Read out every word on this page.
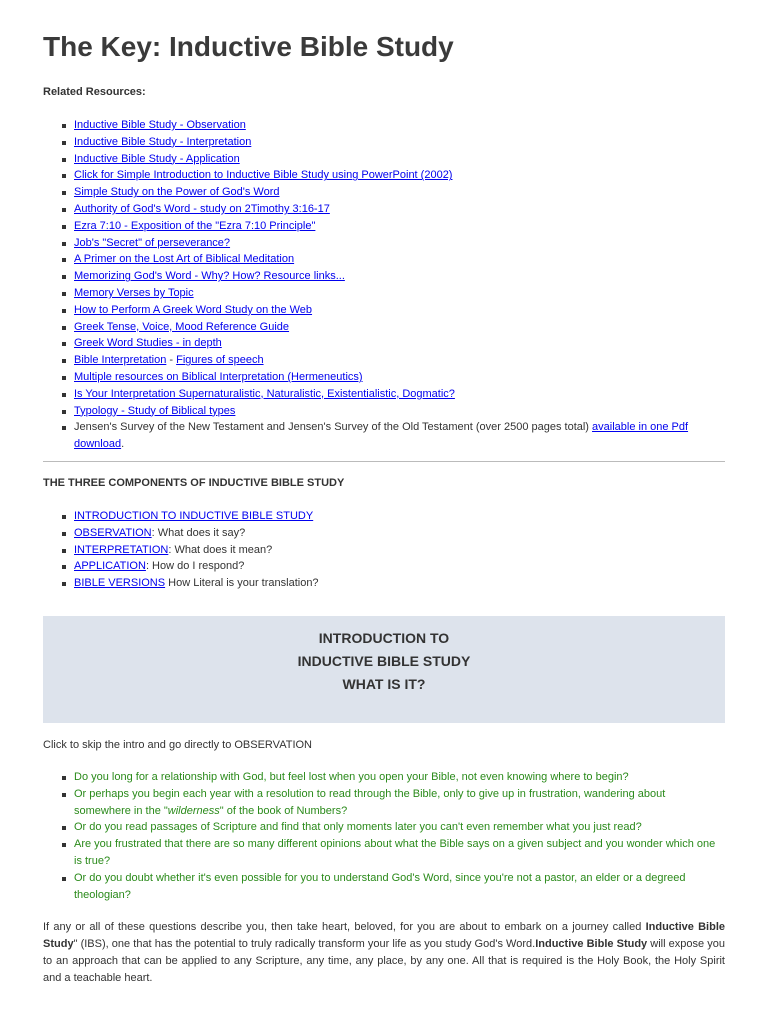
The Key: Inductive Bible Study

Related Resources:

Inductive Bible Study - Observation
Inductive Bible Study - Interpretation
Inductive Bible Study - Application
Click for Simple Introduction to Inductive Bible Study using PowerPoint (2002)
Simple Study on the Power of God's Word
Authority of God's Word - study on 2Timothy 3:16-17
Ezra 7:10 - Exposition of the "Ezra 7:10 Principle"
Job's "Secret" of perseverance?
A Primer on the Lost Art of Biblical Meditation
Memorizing God's Word - Why? How? Resource links...
Memory Verses by Topic
How to Perform A Greek Word Study on the Web
Greek Tense, Voice, Mood Reference Guide
Greek Word Studies - in depth
Bible Interpretation - Figures of speech
Multiple resources on Biblical Interpretation (Hermeneutics)
Is Your Interpretation Supernaturalistic, Naturalistic, Existentialistic, Dogmatic?
Typology - Study of Biblical types
Jensen's Survey of the New Testament and Jensen's Survey of the Old Testament (over 2500 pages total) available in one Pdf download.

THE THREE COMPONENTS OF INDUCTIVE BIBLE STUDY

INTRODUCTION TO INDUCTIVE BIBLE STUDY
OBSERVATION: What does it say?
INTERPRETATION: What does it mean?
APPLICATION: How do I respond?
BIBLE VERSIONS How Literal is your translation?
INTRODUCTION TO
INDUCTIVE BIBLE STUDY
WHAT IS IT?

Click to skip the intro and go directly to OBSERVATION

Do you long for a relationship with God, but feel lost when you open your Bible, not even knowing where to begin?
Or perhaps you begin each year with a resolution to read through the Bible, only to give up in frustration, wandering about somewhere in the "wilderness" of the book of Numbers?
Or do you read passages of Scripture and find that only moments later you can't even remember what you just read?
Are you frustrated that there are so many different opinions about what the Bible says on a given subject and you wonder which one is true?
Or do you doubt whether it's even possible for you to understand God's Word, since you're not a pastor, an elder or a degreed theologian?

If any or all of these questions describe you, then take heart, beloved, for you are about to embark on a journey called Inductive Bible Study" (IBS), one that has the potential to truly radically transform your life as you study God's Word.Inductive Bible Study will expose you to an approach that can be applied to any Scripture, any time, any place, by any one. All that is required is the Holy Book, the Holy Spirit and a teachable heart.
